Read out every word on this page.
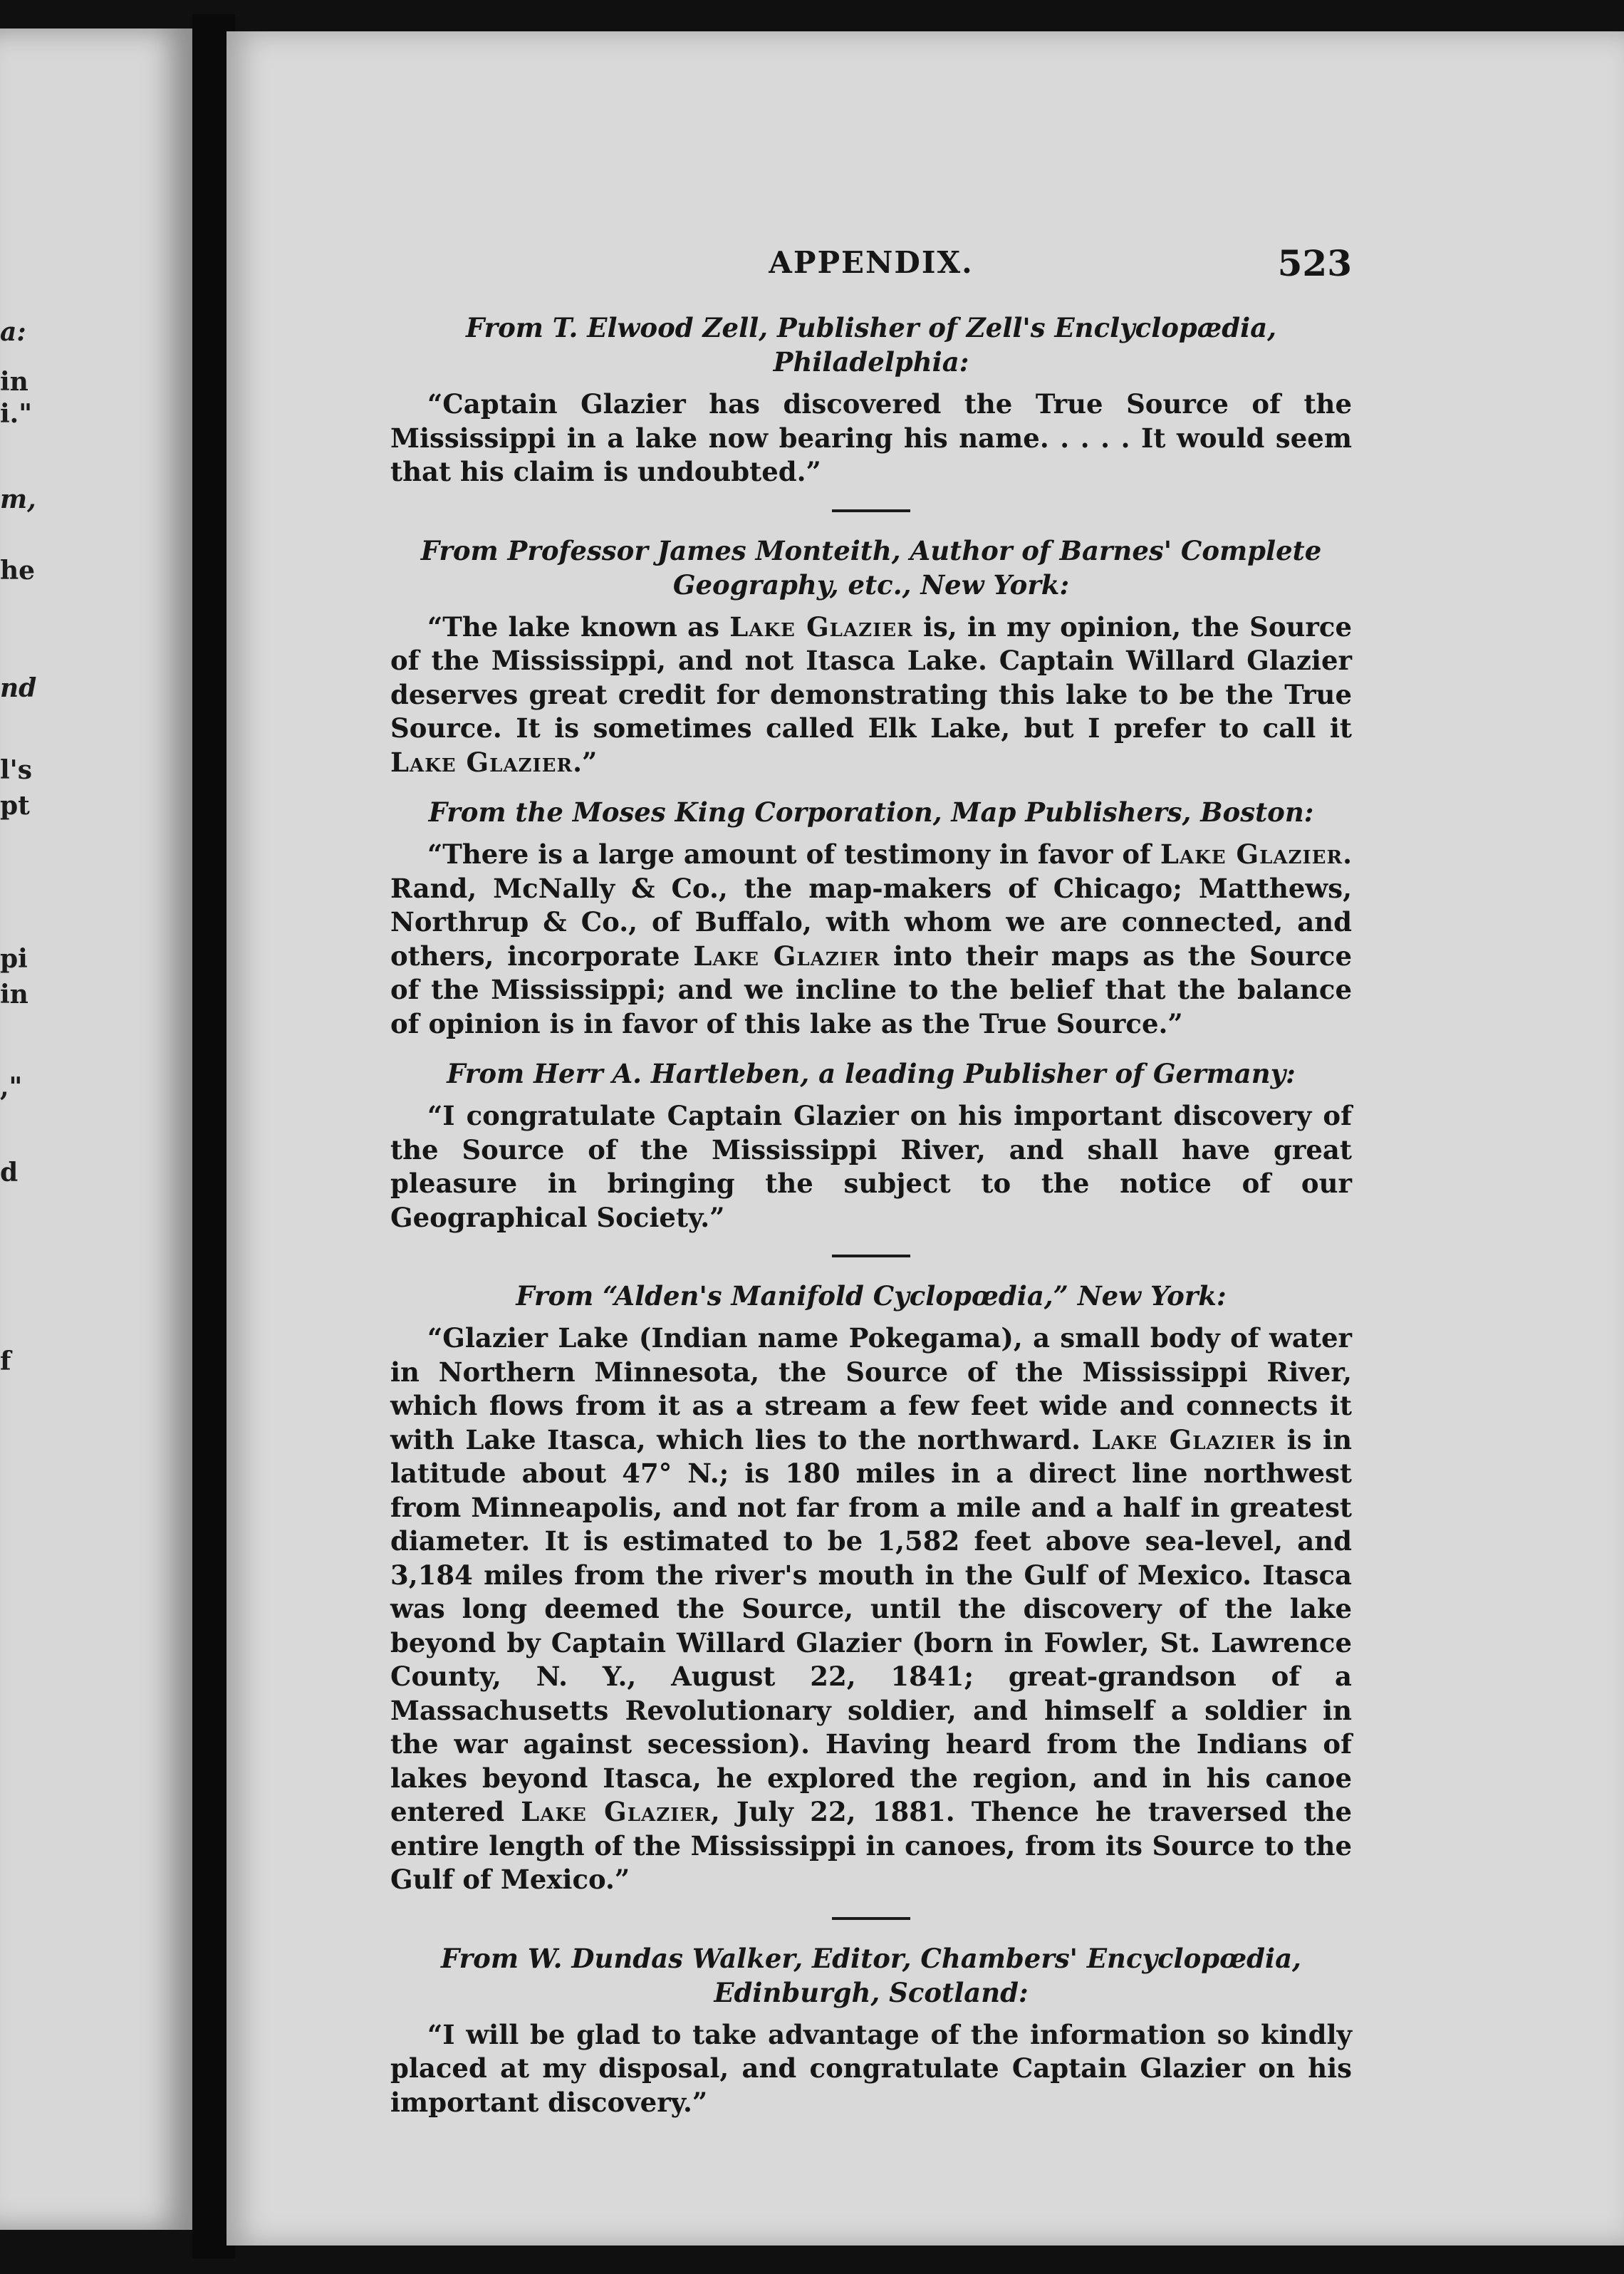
a:
in
i."
m,
he
nd
l's
pt
pi
in
,"
d
f
APPENDIX.	523
From T. Elwood Zell, Publisher of Zell's Enclyclopædia,
Philadelphia:
“Captain Glazier has discovered the True Source of the Mississippi in a lake now bearing his name. . . . . It would seem that his claim is undoubted.”
From Professor James Monteith, Author of Barnes' Complete
Geography, etc., New York:
“The lake known as Lake Glazier is, in my opinion, the Source of the Mississippi, and not Itasca Lake. Captain Willard Glazier deserves great credit for demonstrating this lake to be the True Source. It is sometimes called Elk Lake, but I prefer to call it Lake Glazier.”
From the Moses King Corporation, Map Publishers, Boston:
“There is a large amount of testimony in favor of Lake Glazier. Rand, McNally & Co., the map-makers of Chicago; Matthews, Northrup & Co., of Buffalo, with whom we are connected, and others, incorporate Lake Glazier into their maps as the Source of the Mississippi; and we incline to the belief that the balance of opinion is in favor of this lake as the True Source.”
From Herr A. Hartleben, a leading Publisher of Germany:
“I congratulate Captain Glazier on his important discovery of the Source of the Mississippi River, and shall have great pleasure in bringing the subject to the notice of our Geographical Society.”
From “Alden's Manifold Cyclopœdia,” New York:
“Glazier Lake (Indian name Pokegama), a small body of water in Northern Minnesota, the Source of the Mississippi River, which flows from it as a stream a few feet wide and connects it with Lake Itasca, which lies to the northward. Lake Glazier is in latitude about 47° N.; is 180 miles in a direct line northwest from Minneapolis, and not far from a mile and a half in greatest diameter. It is estimated to be 1,582 feet above sea-level, and 3,184 miles from the river's mouth in the Gulf of Mexico. Itasca was long deemed the Source, until the discovery of the lake beyond by Captain Willard Glazier (born in Fowler, St. Lawrence County, N. Y., August 22, 1841; great-grandson of a Massachusetts Revolutionary soldier, and himself a soldier in the war against secession). Having heard from the Indians of lakes beyond Itasca, he explored the region, and in his canoe entered Lake Glazier, July 22, 1881. Thence he traversed the entire length of the Mississippi in canoes, from its Source to the Gulf of Mexico.”
From W. Dundas Walker, Editor, Chambers' Encyclopœdia,
Edinburgh, Scotland:
“I will be glad to take advantage of the information so kindly placed at my disposal, and congratulate Captain Glazier on his important discovery.”
